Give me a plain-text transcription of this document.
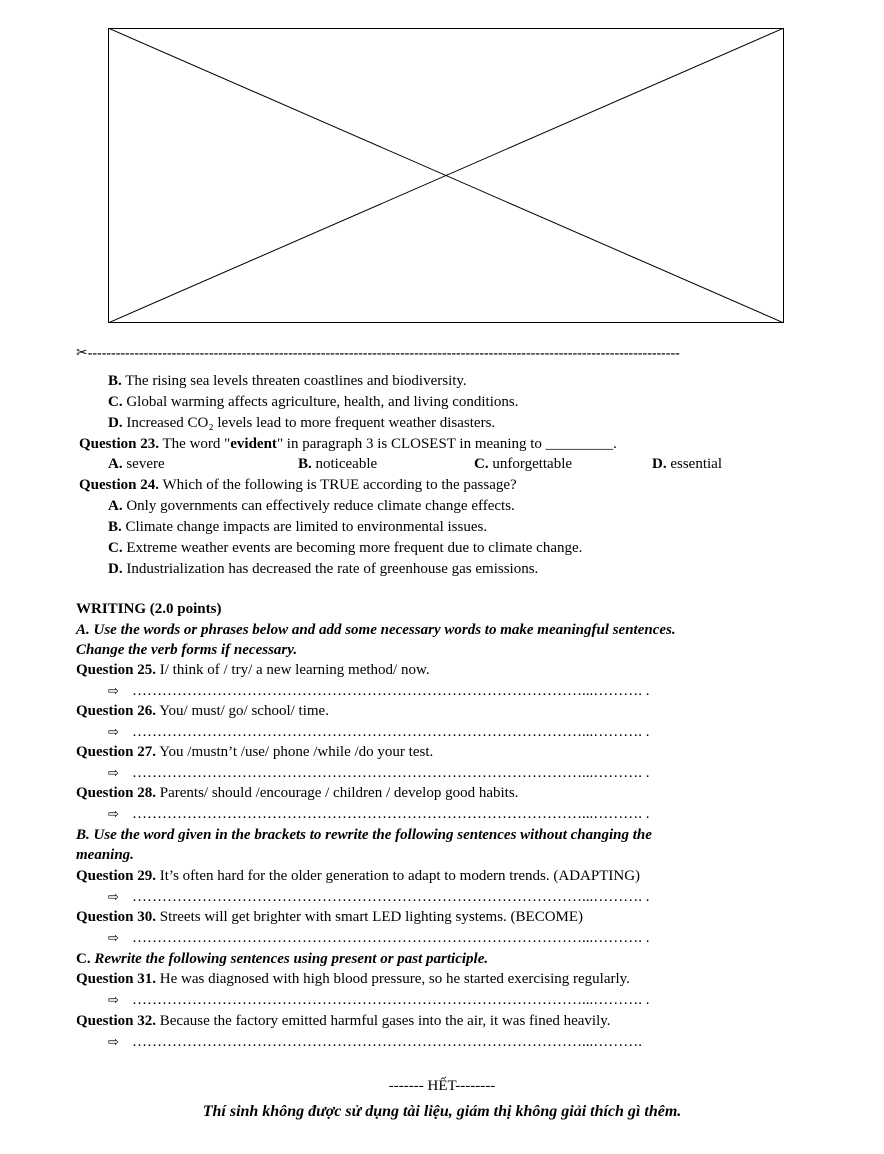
✂-------------------------------------------------------------------------------------------------------------------------------
B. The rising sea levels threaten coastlines and biodiversity.
C. Global warming affects agriculture, health, and living conditions.
D. Increased CO₂ levels lead to more frequent weather disasters.
Question 23. The word "evident" in paragraph 3 is CLOSEST in meaning to _________.
A. severe	B. noticeable	C. unforgettable	D. essential
Question 24. Which of the following is TRUE according to the passage?
A. Only governments can effectively reduce climate change effects.
B. Climate change impacts are limited to environmental issues.
C. Extreme weather events are becoming more frequent due to climate change.
D. Industrialization has decreased the rate of greenhouse gas emissions.
WRITING (2.0 points)
A. Use the words or phrases below and add some necessary words to make meaningful sentences.
Change the verb forms if necessary.
Question 25. I/ think of / try/ a new learning method/ now.
⇨ ………………………………………………………………………………...………. .
Question 26. You/ must/ go/ school/ time.
⇨ ………………………………………………………………………………...………. .
Question 27. You /mustn’t /use/ phone /while /do your test.
⇨ ………………………………………………………………………………...………. .
Question 28. Parents/ should /encourage / children / develop good habits.
⇨ ………………………………………………………………………………...………. .
B. Use the word given in the brackets to rewrite the following sentences without changing the
meaning.
Question 29. It’s often hard for the older generation to adapt to modern trends. (ADAPTING)
⇨ ………………………………………………………………………………...………. .
Question 30. Streets will get brighter with smart LED lighting systems. (BECOME)
⇨ ………………………………………………………………………………...………. .
C. Rewrite the following sentences using present or past participle.
Question 31. He was diagnosed with high blood pressure, so he started exercising regularly.
⇨ ………………………………………………………………………………...………. .
Question 32. Because the factory emitted harmful gases into the air, it was fined heavily.
⇨ ………………………………………………………………………………...……….
------- HẾT--------
Thí sinh không được sử dụng tài liệu, giám thị không giải thích gì thêm.
